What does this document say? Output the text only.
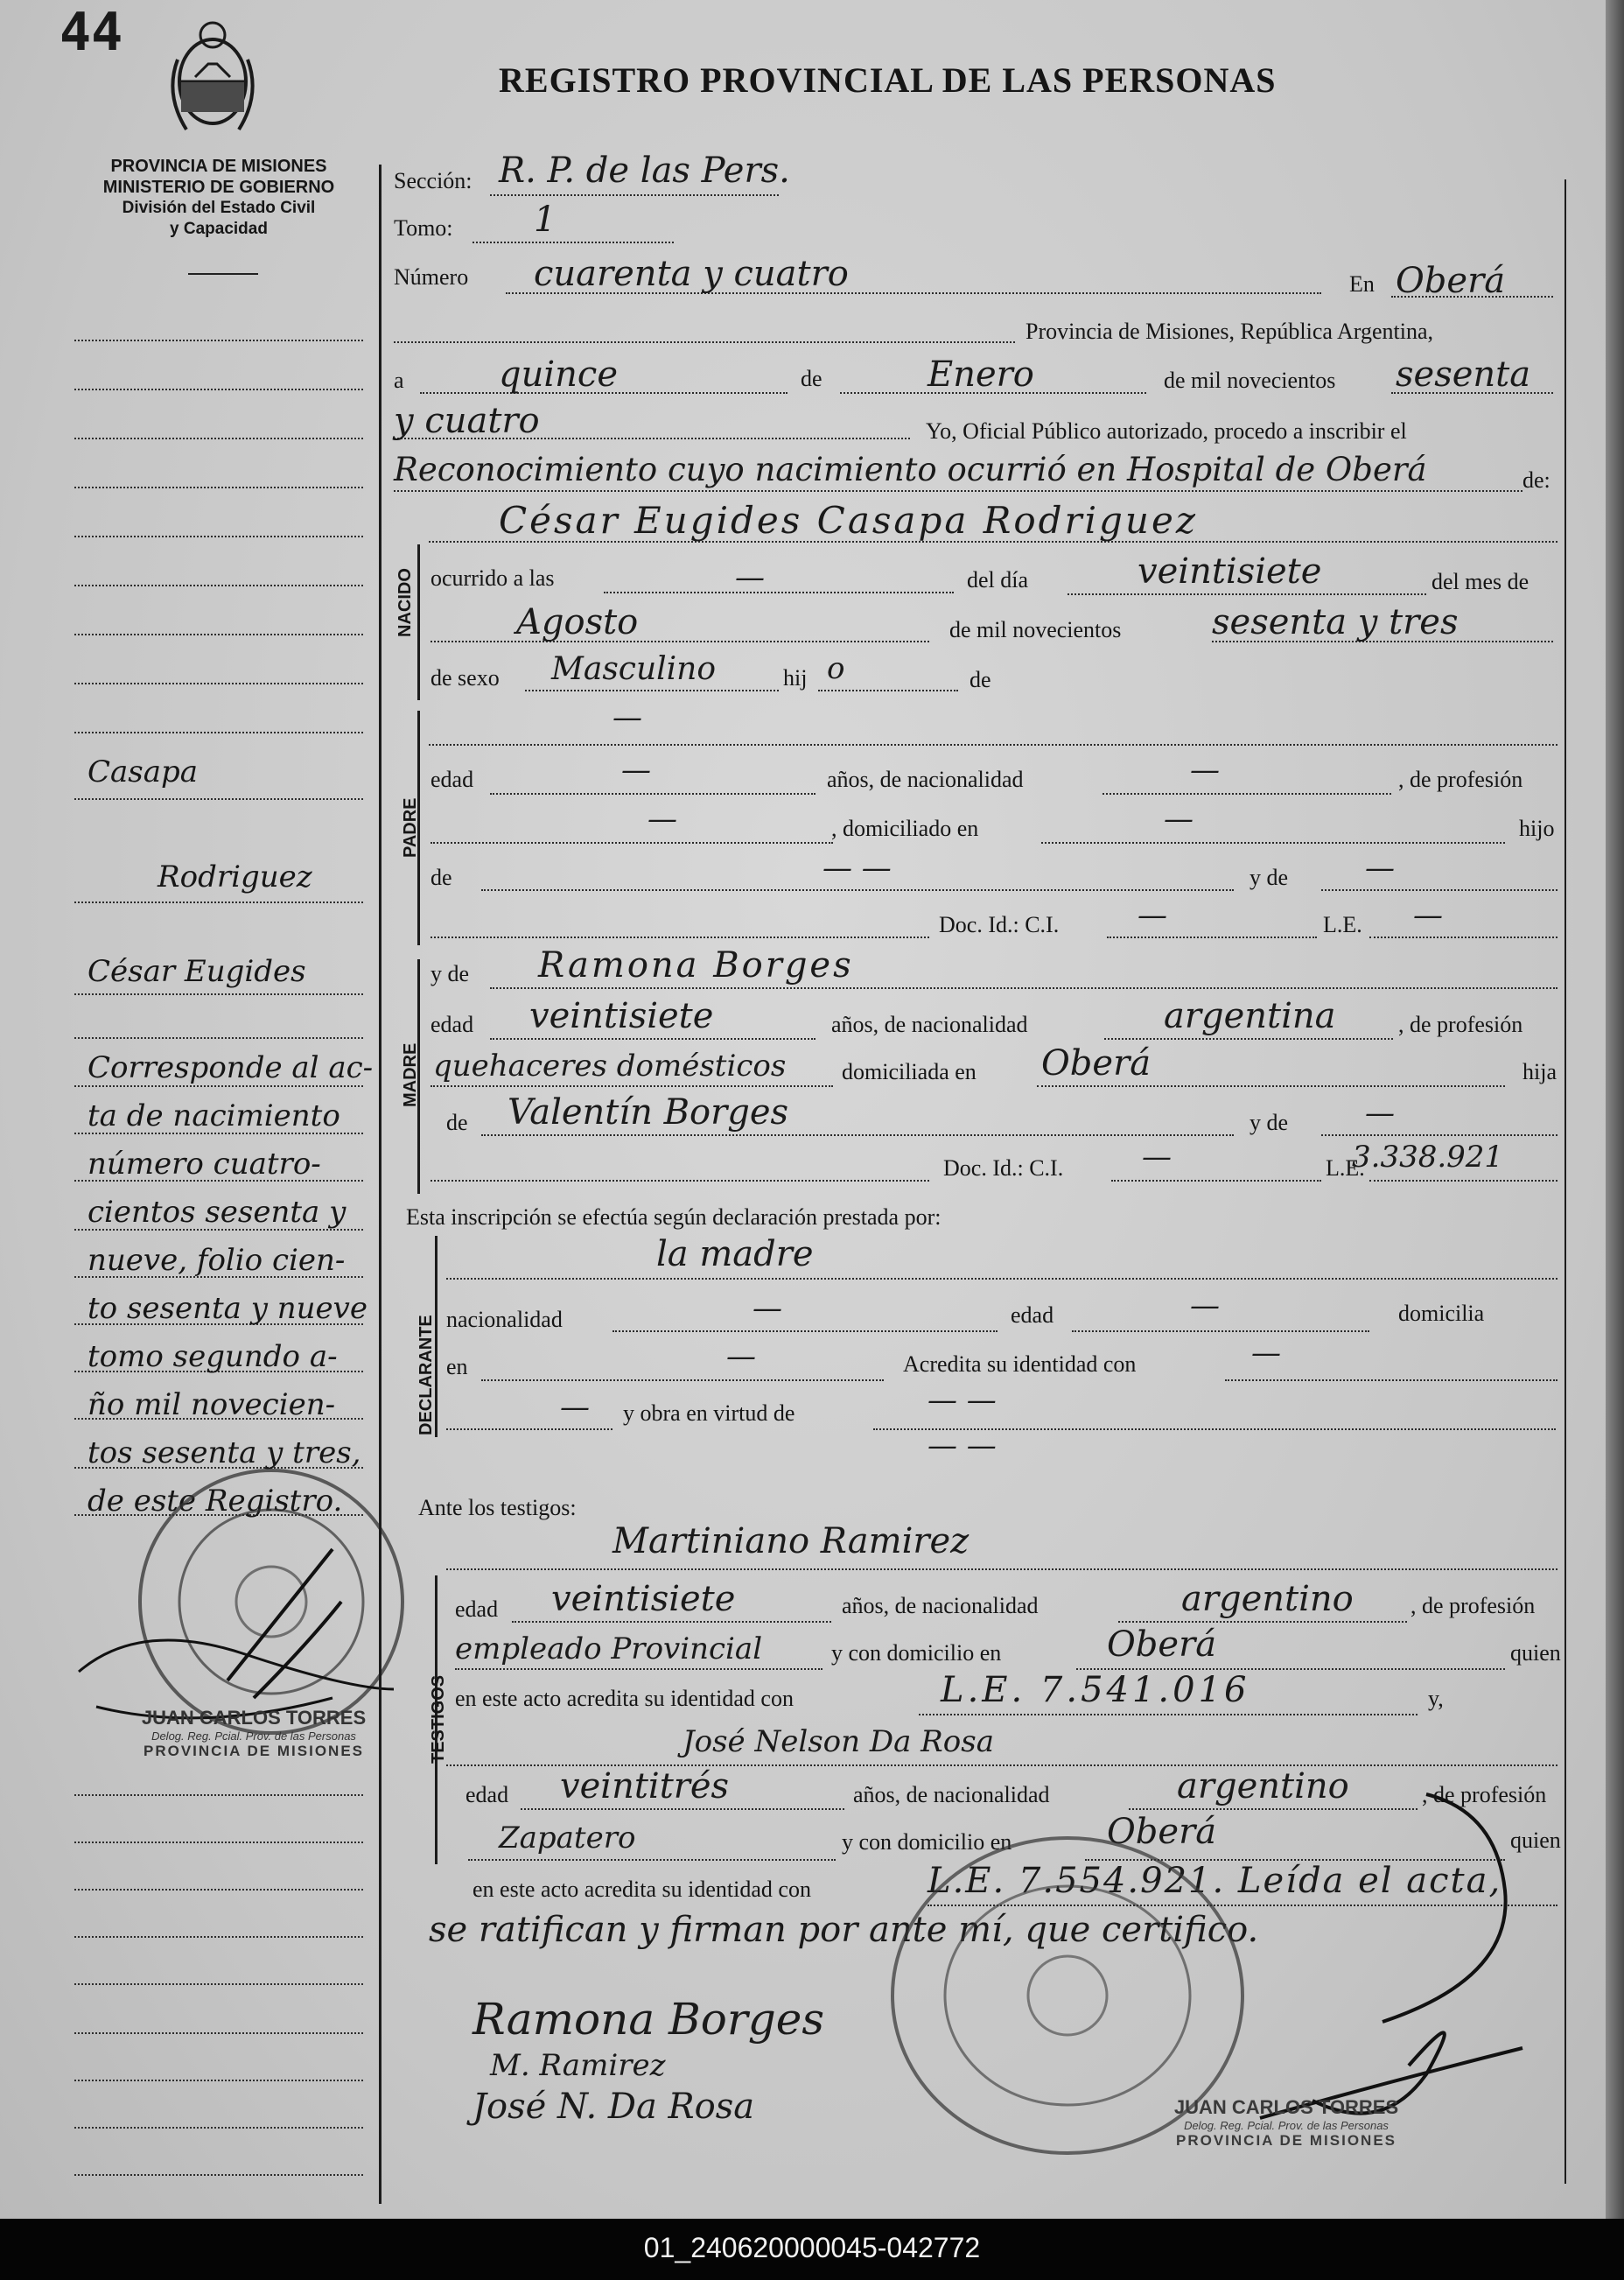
01_240620000045-042772
44
REGISTRO PROVINCIAL DE LAS PERSONAS
PROVINCIA DE MISIONES
MINISTERIO DE GOBIERNO
División del Estado Civil
y Capacidad
Casapa
Rodriguez
César Eugides
Corresponde al ac-
ta de nacimiento
número cuatro-
cientos sesenta y
nueve, folio cien-
to sesenta y nueve
tomo segundo a-
ño mil novecien-
tos sesenta y tres,
de este Registro.
JUAN CARLOS TORRES
Delog. Reg. Pcial. Prov. de las Personas
PROVINCIA DE MISIONES
Sección: R. P. de las Pers.
Tomo: 1
Número cuarenta y cuatro	En Oberá
Provincia de Misiones, República Argentina,
a	quince	de	Enero	de mil novecientos sesenta
y cuatro	Yo, Oficial Público autorizado, procedo a inscribir el
Reconocimiento cuyo nacimiento ocurrió en Hospital de Oberá	de:
NACIDO
César Eugides Casapa Rodriguez
ocurrido a las	—	del día	veintisiete	del mes de
Agosto	de mil novecientos	sesenta y tres
de sexo Masculino	hij o	de
PADRE
—
edad	—	años, de nacionalidad	—	, de profesión
—	, domiciliado en	—	hijo
de	— —	y de	—
Doc. Id.: C.I.	—	L.E. —
MADRE
y de Ramona Borges
edad veintisiete	años, de nacionalidad	argentina	, de profesión
quehaceres domésticos domiciliada en Oberá	hija
de Valentín Borges	y de	—
Doc. Id.: C.I.	—	L.E.
3.338.921
Esta inscripción se efectúa según declaración prestada por:
DECLARANTE
la madre
nacionalidad	—	edad	—	domicilia
en	—	Acredita su identidad con	—
— y obra en virtud de	— —
— —
Ante los testigos:
TESTIGOS
Martiniano Ramirez
edad veintisiete	años, de nacionalidad	argentino	, de profesión
empleado Provincial	y con domicilio en	Oberá	quien
en este acto acredita su identidad con	L.E. 7.541.016	y,
José Nelson Da Rosa
edad veintitrés	años, de nacionalidad	argentino	, de profesión
Zapatero	y con domicilio en	Oberá	quien
en este acto acredita su identidad con	L.E. 7.554.921. Leída el acta,
se ratifican y firman por ante mí, que certifico.
Ramona Borges
M. Ramirez
José N. Da Rosa	JUAN CARLOS TORRES
Delog. Reg. Pcial. Prov. de las Personas
PROVINCIA DE MISIONES
